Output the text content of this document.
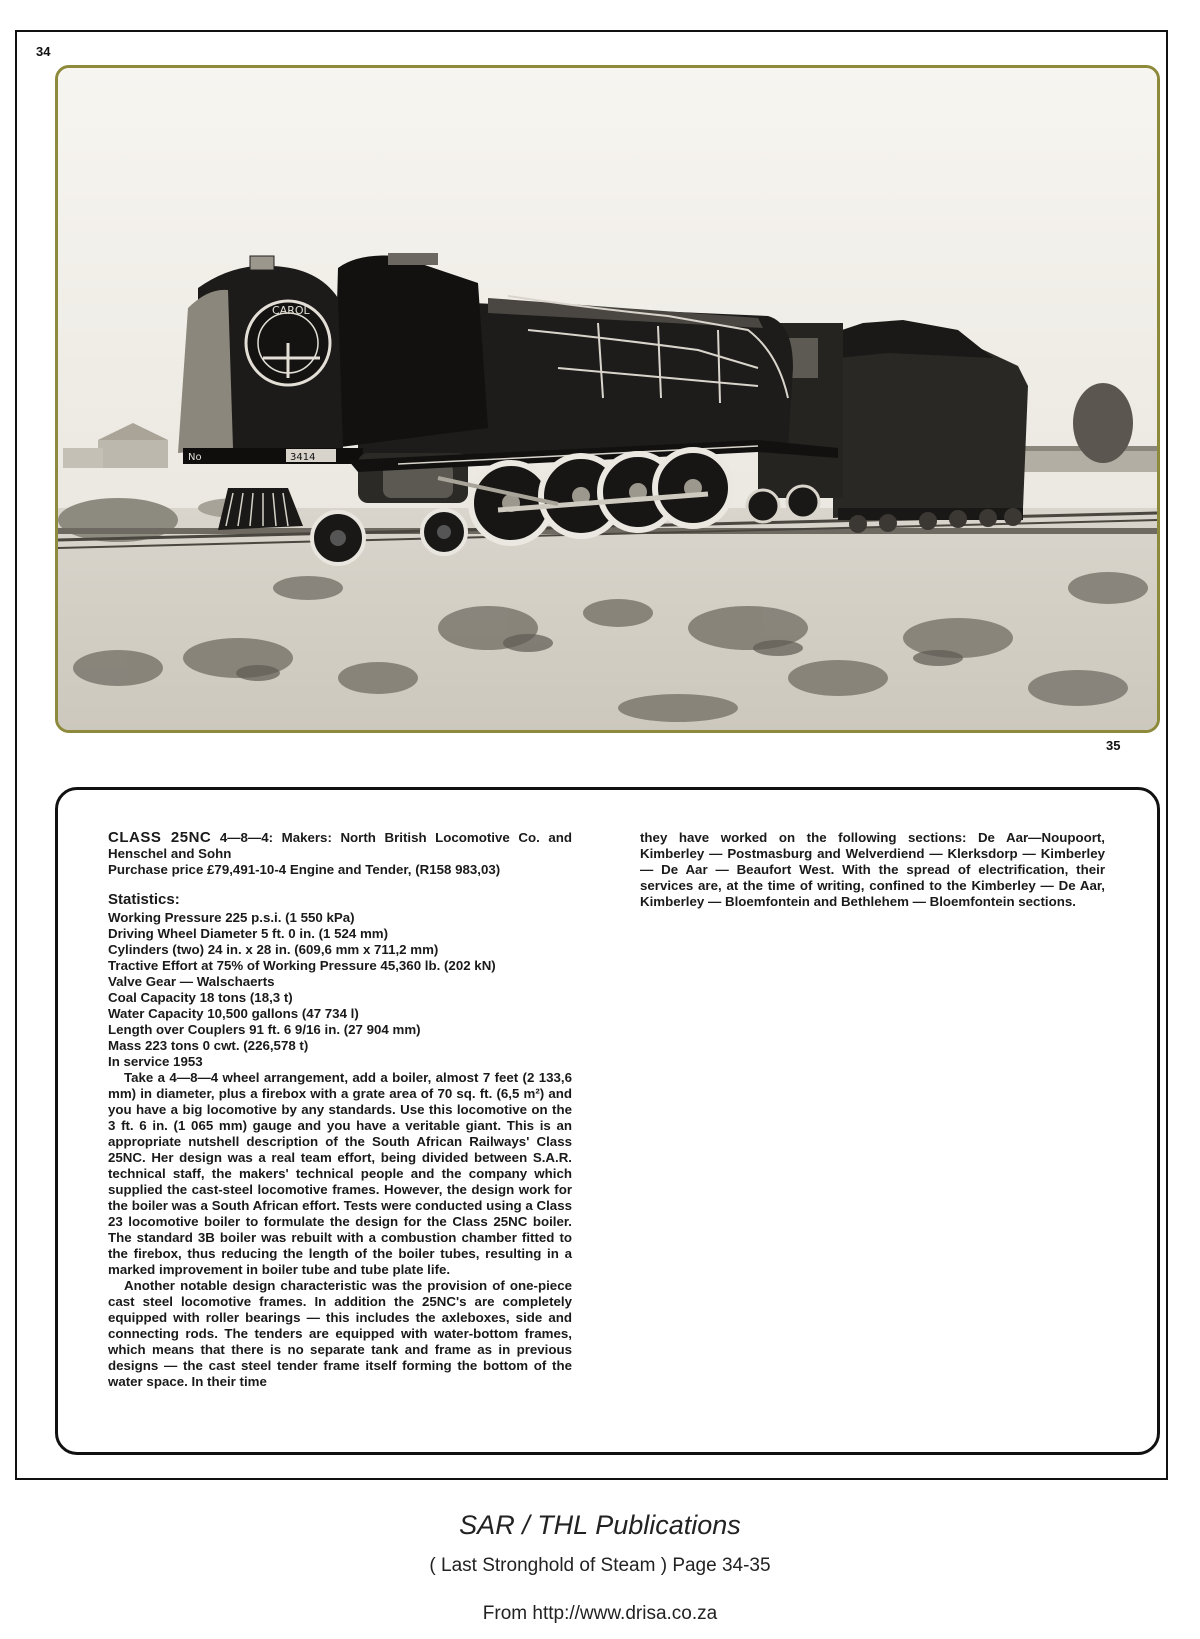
34
CAROL
No	3414
35

CLASS 25NC 4—8—4: Makers: North British Locomotive Co. and Henschel and Sohn

Purchase price £79,491-10-4 Engine and Tender, (R158 983,03)

Statistics:

Working Pressure 225 p.s.i. (1 550 kPa)

Driving Wheel Diameter 5 ft. 0 in. (1 524 mm)

Cylinders (two) 24 in. x 28 in. (609,6 mm x 711,2 mm)

Tractive Effort at 75% of Working Pressure 45,360 lb. (202 kN)

Valve Gear — Walschaerts

Coal Capacity 18 tons (18,3 t)

Water Capacity 10,500 gallons (47 734 l)

Length over Couplers 91 ft. 6 9/16 in. (27 904 mm)

Mass 223 tons 0 cwt. (226,578 t)

In service 1953

Take a 4—8—4 wheel arrangement, add a boiler, almost 7 feet (2 133,6 mm) in diameter, plus a firebox with a grate area of 70 sq. ft. (6,5 m²) and you have a big locomotive by any standards. Use this locomotive on the 3 ft. 6 in. (1 065 mm) gauge and you have a veritable giant. This is an appropriate nutshell description of the South African Railways' Class 25NC. Her design was a real team effort, being divided between S.A.R. technical staff, the makers' technical people and the company which supplied the cast-steel locomotive frames. However, the design work for the boiler was a South African effort. Tests were conducted using a Class 23 locomotive boiler to formulate the design for the Class 25NC boiler. The standard 3B boiler was rebuilt with a combustion chamber fitted to the firebox, thus reducing the length of the boiler tubes, resulting in a marked improvement in boiler tube and tube plate life.

Another notable design characteristic was the provision of one-piece cast steel locomotive frames. In addition the 25NC's are completely equipped with roller bearings — this includes the axleboxes, side and connecting rods. The tenders are equipped with water-bottom frames, which means that there is no separate tank and frame as in previous designs — the cast steel tender frame itself forming the bottom of the water space. In their time

they have worked on the following sections: De Aar—Noupoort, Kimberley — Postmasburg and Welverdiend — Klerksdorp — Kimberley — De Aar — Beaufort West. With the spread of electrification, their services are, at the time of writing, confined to the Kimberley — De Aar, Kimberley — Bloemfontein and Bethlehem — Bloemfontein sections.

SAR / THL Publications
( Last Stronghold of Steam ) Page 34-35
From http://www.drisa.co.za
